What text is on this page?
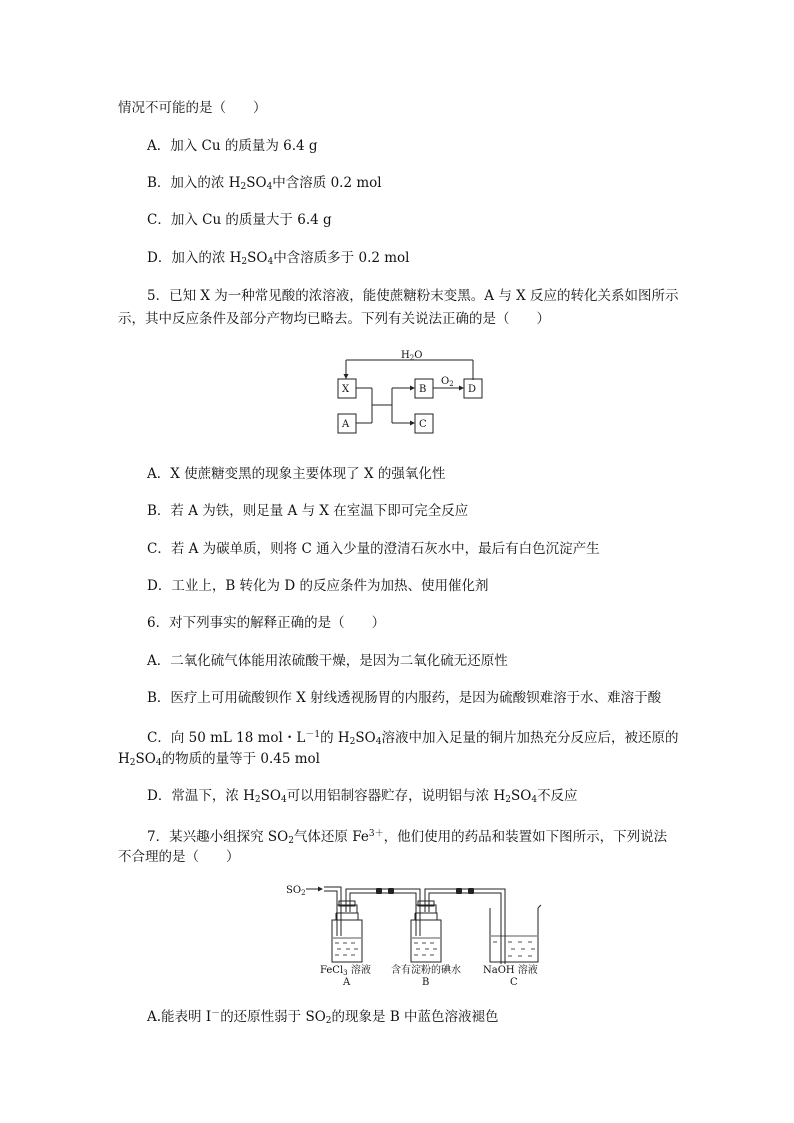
情况不可能的是（　　）
A．加入 Cu 的质量为 6.4 g
B．加入的浓 $H_2SO_4$中含溶质 0.2 mol
C．加入 Cu 的质量大于 6.4 g
D．加入的浓 $H_2SO_4$中含溶质多于 0.2 mol
5．已知 X 为一种常见酸的浓溶液，能使蔗糖粉末变黑。A 与 X 反应的转化关系如图所示
示，其中反应条件及部分产物均已略去。下列有关说法正确的是（　　）
$H_2O$
$O_2$
X	B	D
A	C
A．X 使蔗糖变黑的现象主要体现了 X 的强氧化性
B．若 A 为铁，则足量 A 与 X 在室温下即可完全反应
C．若 A 为碳单质，则将 C 通入少量的澄清石灰水中，最后有白色沉淀产生
D．工业上，B 转化为 D 的反应条件为加热、使用催化剂
6．对下列事实的解释正确的是（　　）
A．二氧化硫气体能用浓硫酸干燥，是因为二氧化硫无还原性
B．医疗上可用硫酸钡作 X 射线透视肠胃的内服药，是因为硫酸钡难溶于水、难溶于酸
C．向 50 mL 18 mol・$L^{-1}$的 $H_2SO_4$溶液中加入足量的铜片加热充分反应后，被还原的
$H_2SO_4$的物质的量等于 0.45 mol
D．常温下，浓 $H_2SO_4$可以用铝制容器贮存，说明铝与浓 $H_2SO_4$不反应
7．某兴趣小组探究 $SO_2$气体还原 $Fe^{3+}$，他们使用的药品和装置如下图所示，下列说法
不合理的是（　　）
$SO_2$
FeCl$_3$ 溶液 含有淀粉的碘水 NaOH 溶液
A	B	C
A.能表明 I－的还原性弱于 $SO_2$的现象是 B 中蓝色溶液褪色
